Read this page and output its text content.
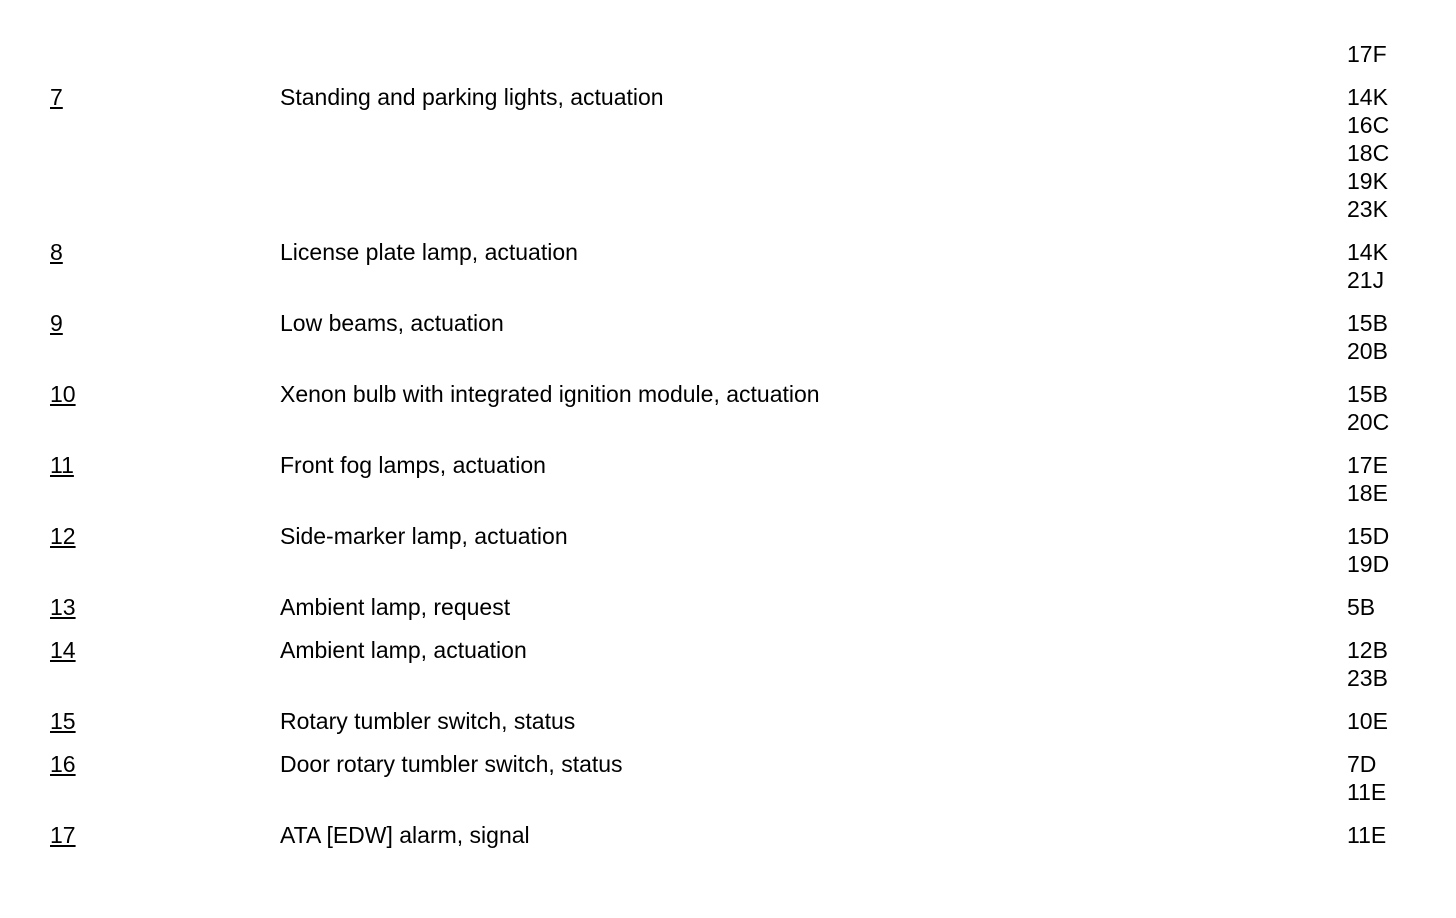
17F
7	Standing and parking lights, actuation	14K
16C
18C
19K
23K
8	License plate lamp, actuation	14K
21J
9	Low beams, actuation	15B
20B
10	Xenon bulb with integrated ignition module, actuation	15B
20C
11	Front fog lamps, actuation	17E
18E
12	Side-marker lamp, actuation	15D
19D
13	Ambient lamp, request	5B
14	Ambient lamp, actuation	12B
23B
15	Rotary tumbler switch, status	10E
16	Door rotary tumbler switch, status	7D
11E
17	ATA [EDW] alarm, signal	11E
